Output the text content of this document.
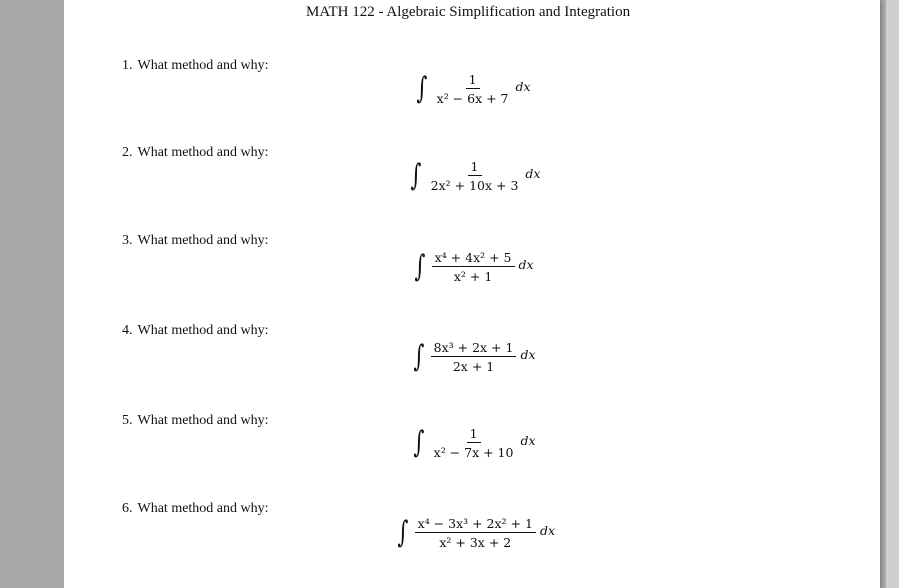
MATH 122 - Algebraic Simplification and Integration
1. What method and why:
∫ $\frac{1}{\text{x² − 6x + 7}}$ dx
2. What method and why:
∫ $\frac{1}{\text{2x² + 10x + 3}}$ dx
3. What method and why:
∫ $\frac{\text{x⁴ + 4x² + 5}}{\text{x² + 1}}$ dx
4. What method and why:
∫ $\frac{\text{8x³ + 2x + 1}}{2x + 1}$ dx
5. What method and why:
∫ $\frac{1}{\text{x² − 7x + 10}}$ dx
6. What method and why:
∫ $\frac{\text{x⁴ − 3x³ + 2x² + 1}}{\text{x² + 3x + 2}}$ dx
